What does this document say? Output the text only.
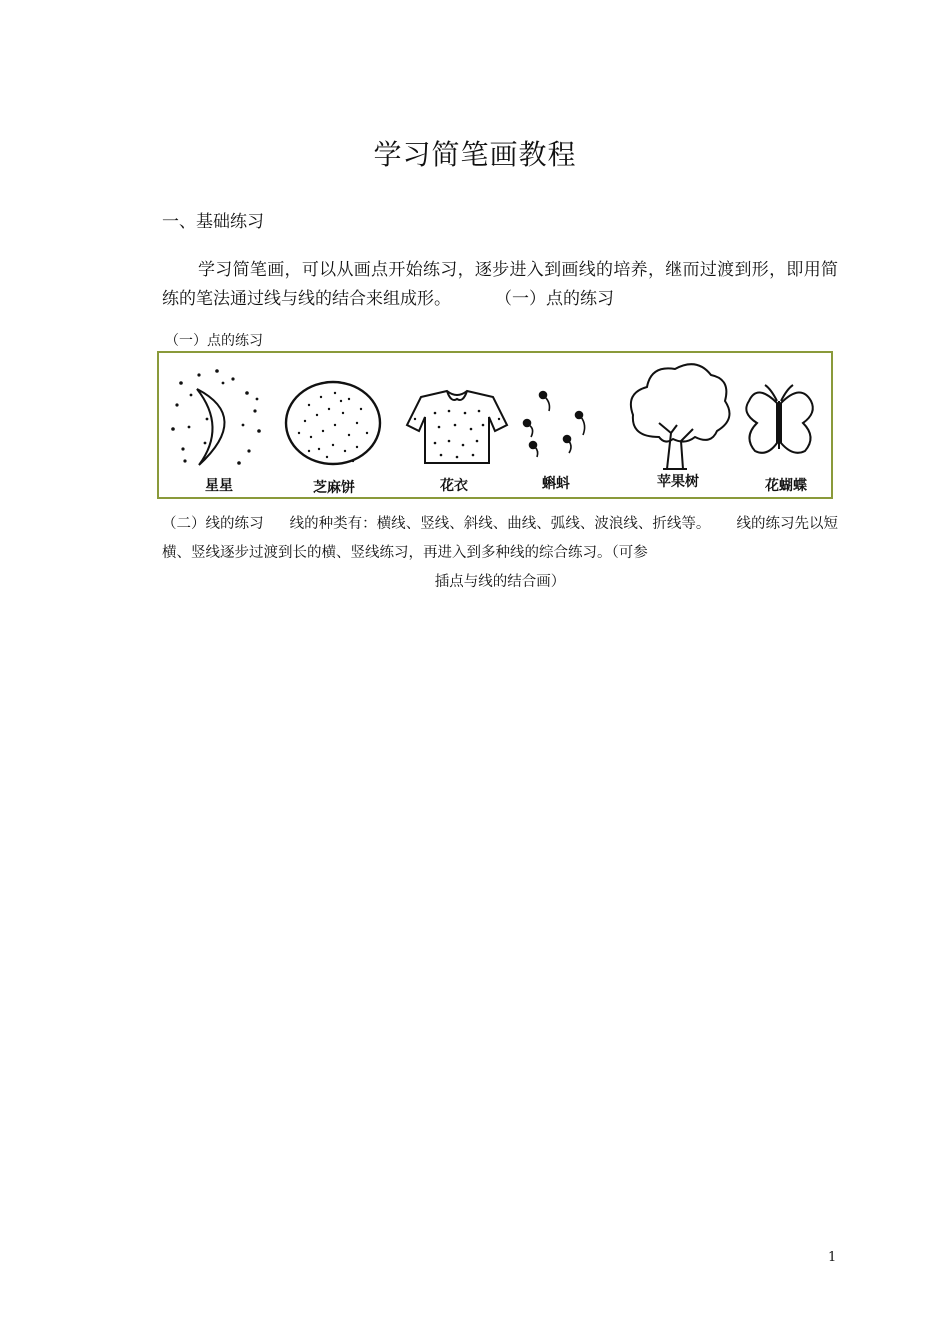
学习简笔画教程
一、基础练习
学习简笔画，可以从画点开始练习，逐步进入到画线的培养，继而过渡到形，即用简练的笔法通过线与线的结合来组成形。	（一）点的练习
（一）点的练习
星星	芝麻饼	花衣	蝌蚪	苹果树	花蝴蝶
（二）线的练习 线的种类有：横线、竖线、斜线、曲线、弧线、波浪线、折线等。 线的练习先以短横、竖线逐步过渡到长的横、竖线练习，再进入到多种线的综合练习。（可参
插点与线的结合画）
1
